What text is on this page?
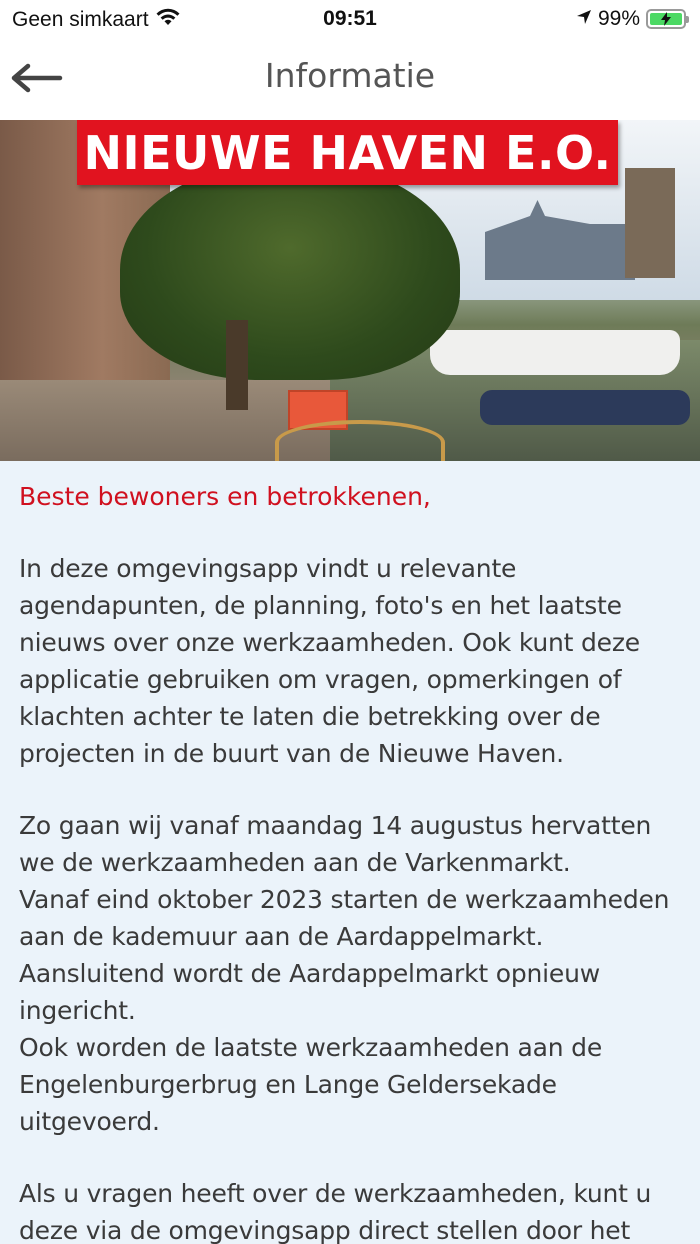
Geen simkaart	09:51	99%
Informatie
NIEUWE HAVEN E.O.
Beste bewoners en betrokkenen,
In deze omgevingsapp vindt u relevante
agendapunten, de planning, foto's en het laatste
nieuws over onze werkzaamheden. Ook kunt deze
applicatie gebruiken om vragen, opmerkingen of
klachten achter te laten die betrekking over de
projecten in de buurt van de Nieuwe Haven.
Zo gaan wij vanaf maandag 14 augustus hervatten
we de werkzaamheden aan de Varkenmarkt.
Vanaf eind oktober 2023 starten de werkzaamheden
aan de kademuur aan de Aardappelmarkt.
Aansluitend wordt de Aardappelmarkt opnieuw
ingericht.
Ook worden de laatste werkzaamheden aan de
Engelenburgerbrug en Lange Geldersekade
uitgevoerd.
Als u vragen heeft over de werkzaamheden, kunt u
deze via de omgevingsapp direct stellen door het
